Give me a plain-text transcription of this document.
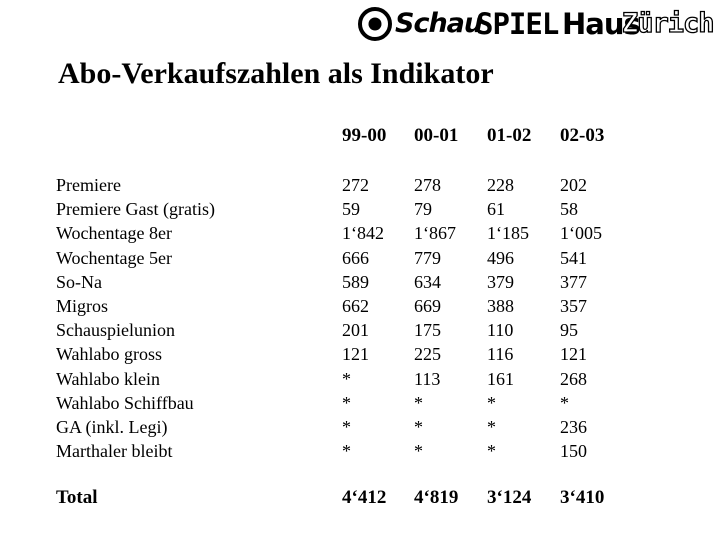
Schau
SPIEL Haus
Zürich
Abo-Verkaufszahlen als Indikator
99-00 00-01 01-02 02-03
Premiere
Premiere Gast (gratis)
Wochentage 8er
Wochentage 5er
So-Na
Migros
Schauspielunion
Wahlabo gross
Wahlabo klein
Wahlabo Schiffbau
GA (inkl. Legi)
Marthaler bleibt
272
59
1‘842
666
589
662
201
121
*
*
*
*
278
79
1‘867
779
634
669
175
225
113
*
*
*
228
61
1‘185
496
379
388
110
116
161
*
*
*
202
58
1‘005
541
377
357
95
121
268
*
236
150
Total	4‘412 4‘819 3‘124 3‘410
